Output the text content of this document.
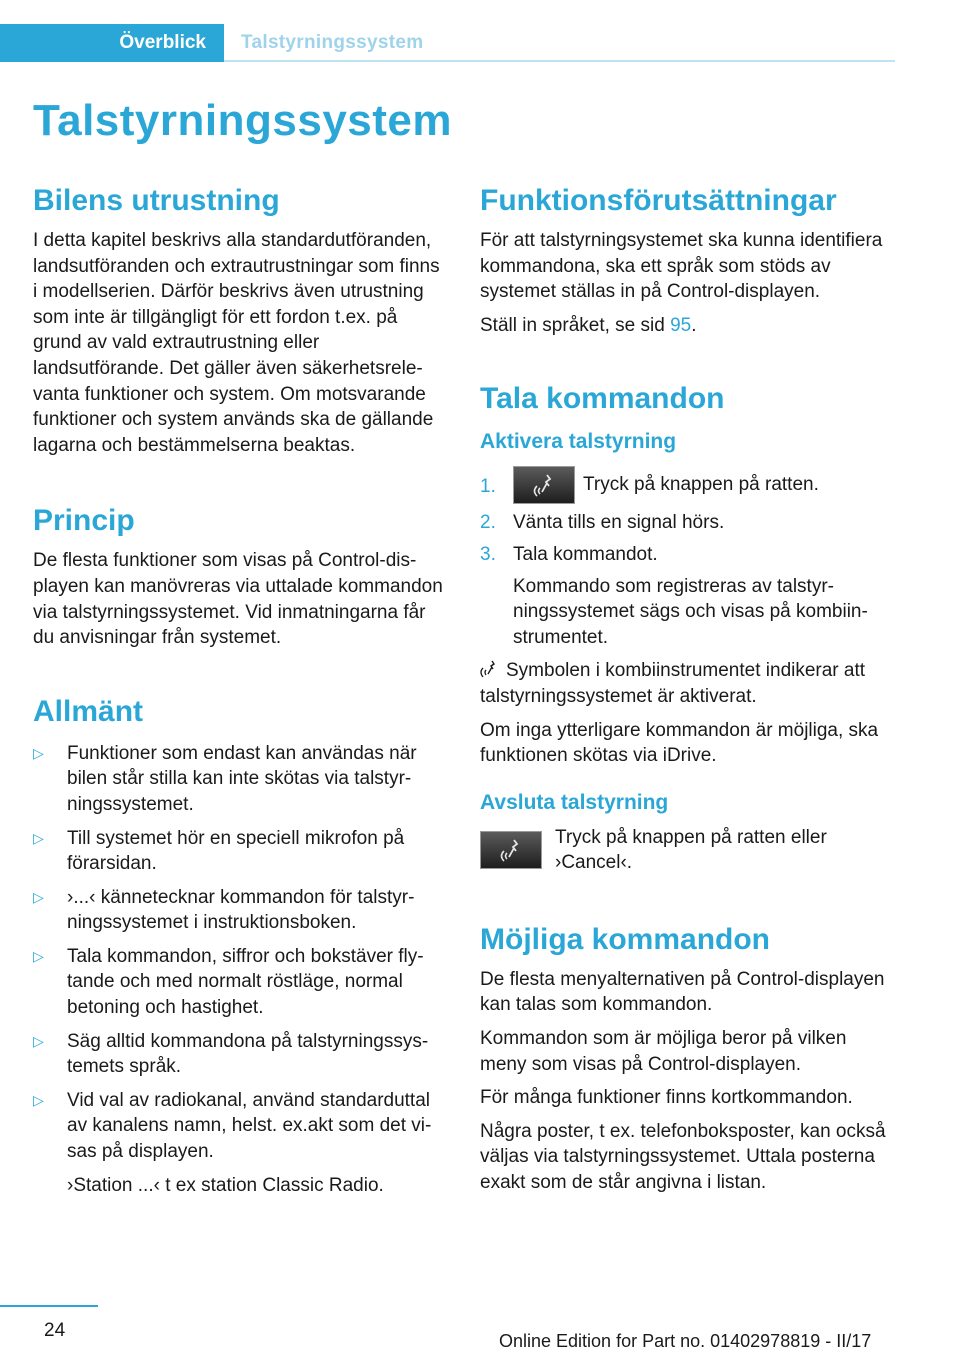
Överblick	Talstyrningssystem
Talstyrningssystem
Bilens utrustning

I detta kapitel beskrivs alla standardutföranden, landsutföranden och extrautrustningar som finns i modellserien. Därför beskrivs även utrustning som inte är tillgängligt för ett fordon t.ex. på grund av vald extrautrustning eller landsutförande. Det gäller även säkerhetsrelevanta funktioner och system. Om motsvarande funktioner och system används ska de gällande lagarna och bestämmelserna beaktas.

Princip

De flesta funktioner som visas på Control-displayen kan manövreras via uttalade kommandon via talstyrningssystemet. Vid inmatningarna får du anvisningar från systemet.

Allmänt
▷	Funktioner som endast kan användas när bilen står stilla kan inte skötas via talstyrningssystemet.

▷	Till systemet hör en speciell mikrofon på förarsidan.

▷	›...‹ kännetecknar kommandon för talstyrningssystemet i instruktionsboken.

▷	Tala kommandon, siffror och bokstäver flytande och med normalt röstläge, normal betoning och hastighet.

▷	Säg alltid kommandona på talstyrningssystemets språk.

▷	Vid val av radiokanal, använd standarduttal av kanalens namn, helst. ex.akt som det visas på displayen.

›Station ...‹ t ex station Classic Radio.

Funktionsförutsättningar

För att talstyrningsystemet ska kunna identifiera kommandona, ska ett språk som stöds av systemet ställas in på Control-displayen.

Ställ in språket, se sid 95.

Tala kommandon
Aktivera talstyrning
1.	Tryck på knappen på ratten.

2. Vänta tills en signal hörs.

3. Tala kommandot.

Kommando som registreras av talstyrningssystemet sägs och visas på kombiinstrumentet.

Symbolen i kombiinstrumentet indikerar att talstyrningssystemet är aktiverat.

Om inga ytterligare kommandon är möjliga, ska funktionen skötas via iDrive.

Avsluta talstyrning

Tryck på knappen på ratten eller ›Cancel‹.

Möjliga kommandon

De flesta menyalternativen på Control-displayen kan talas som kommandon.

Kommandon som är möjliga beror på vilken meny som visas på Control-displayen.

För många funktioner finns kortkommandon.

Några poster, t ex. telefonboksposter, kan också väljas via talstyrningssystemet. Uttala posterna exakt som de står angivna i listan.

24	Online Edition for Part no. 01402978819 - II/17
